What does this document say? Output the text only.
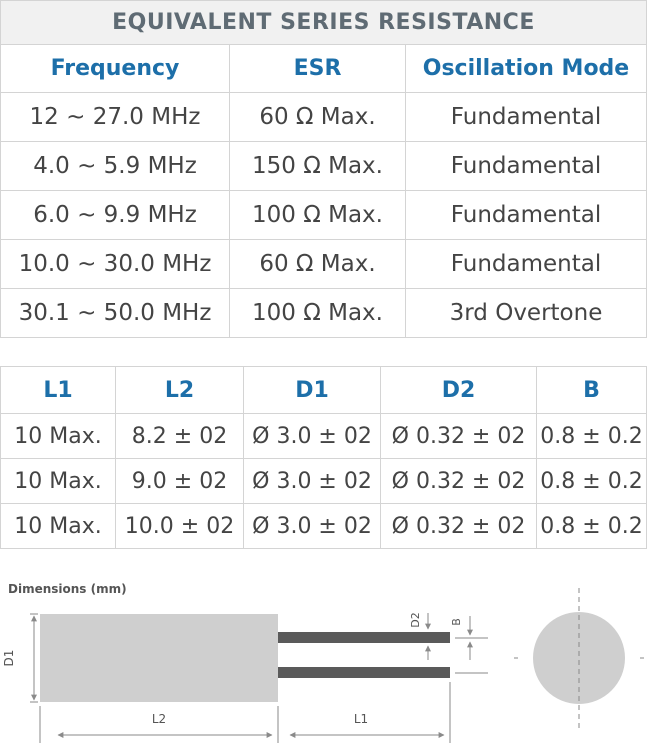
EQUIVALENT SERIES RESISTANCE		
Frequency	ESR	Oscillation Mode
12 ~ 27.0 MHz	60 Ω Max.	Fundamental
4.0 ~ 5.9 MHz	150 Ω Max.	Fundamental
6.0 ~ 9.9 MHz	100 Ω Max.	Fundamental
10.0 ~ 30.0 MHz	60 Ω Max.	Fundamental
30.1 ~ 50.0 MHz	100 Ω Max.	3rd Overtone
L1	L2	D1	D2	B
10 Max.	8.2 ± 02	Ø 3.0 ± 02	Ø 0.32 ± 02	0.8 ± 0.2
10 Max.	9.0 ± 02	Ø 3.0 ± 02	Ø 0.32 ± 02	0.8 ± 0.2
10 Max.	10.0 ± 02	Ø 3.0 ± 02	Ø 0.32 ± 02	0.8 ± 0.2
Dimensions (mm)
D1
L2	L1
D2	B
